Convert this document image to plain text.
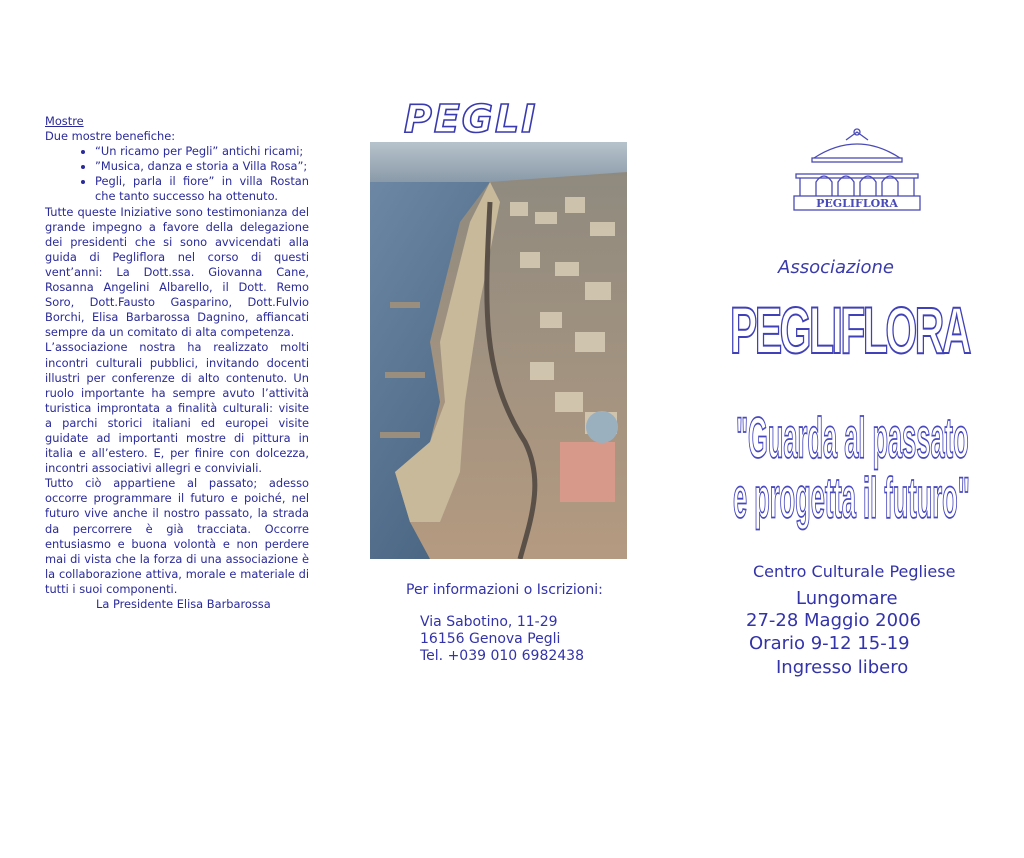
Mostre

Due mostre benefiche:

• “Un ricamo per Pegli” antichi ricami;
• ”Musica, danza e storia a Villa Rosa”;
• Pegli, parla il fiore” in villa Rostan che tanto successo ha ottenuto.

Tutte queste Iniziative sono testimonianza del grande impegno a favore della delegazione dei presidenti che si sono avvicendati alla guida di Pegliflora nel corso di questi vent’anni: La Dott.ssa. Giovanna Cane, Rosanna Angelini Albarello, il Dott. Remo Soro, Dott.Fausto Gasparino, Dott.Fulvio Borchi, Elisa Barbarossa Dagnino, affiancati sempre da un comitato di alta competenza.

L’associazione nostra ha realizzato molti incontri culturali pubblici, invitando docenti illustri per conferenze di alto contenuto. Un ruolo importante ha sempre avuto l’attività turistica improntata a finalità culturali: visite a parchi storici italiani ed europei visite guidate ad importanti mostre di pittura in italia e all’estero. E, per finire con dolcezza, incontri associativi allegri e conviviali.

Tutto ciò appartiene al passato; adesso occorre programmare il futuro e poiché, nel futuro vive anche il nostro passato, la strada da percorrere è già tracciata. Occorre entusiasmo e buona volontà e non perdere mai di vista che la forza di una associazione è la collaborazione attiva, morale e materiale di tutti i suoi componenti.

La Presidente Elisa Barbarossa

PEGLI
Per informazioni o Iscrizioni:
Via Sabotino, 11-29
16156 Genova Pegli
Tel. +039 010 6982438
PEGLIFLORA
Associazione
PEGLIFLORA
"Guarda al passato
e progetta il futuro"
Centro Culturale Pegliese
Lungomare
27-28 Maggio 2006
Orario 9-12 15-19
Ingresso libero
